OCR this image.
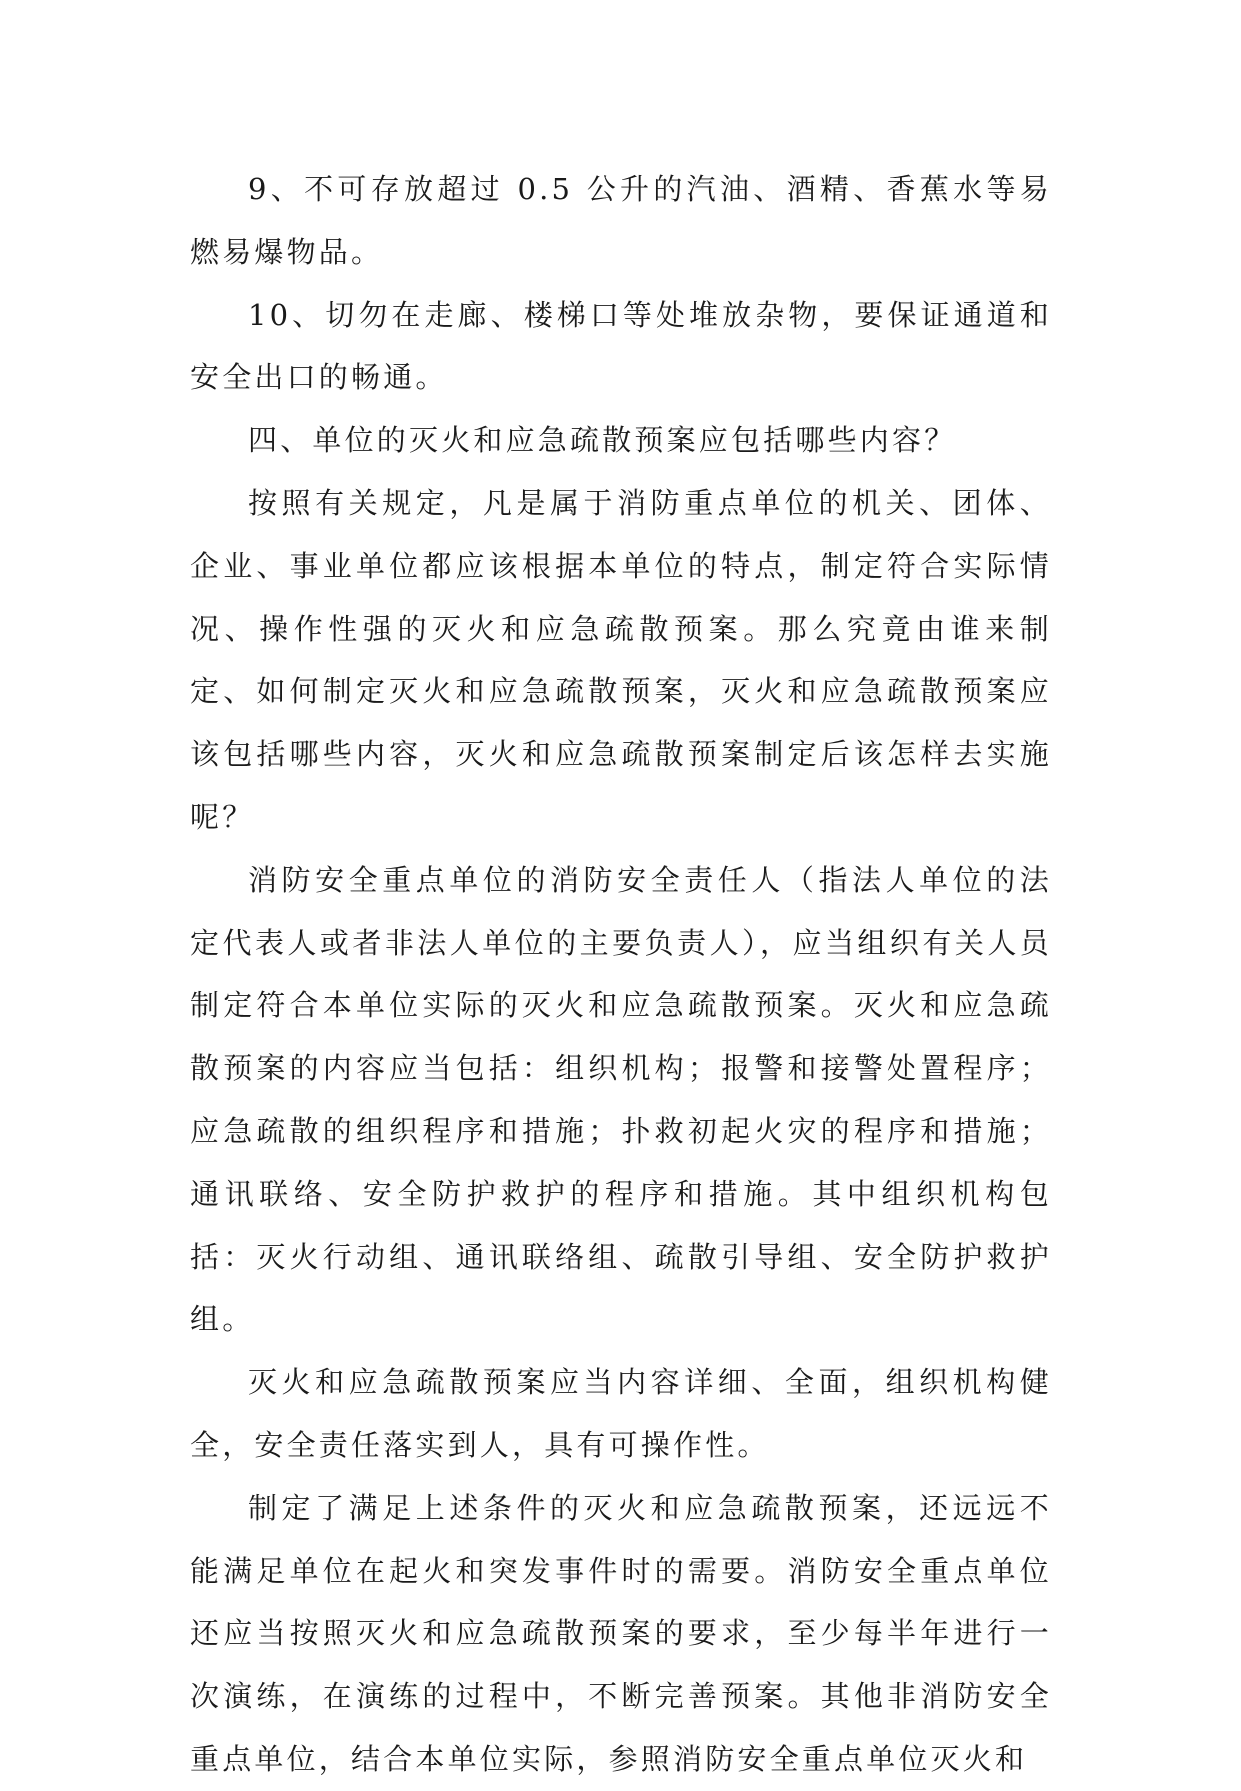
9、不可存放超过 0.5 公升的汽油、酒精、香蕉水等易燃易爆物品。

10、切勿在走廊、楼梯口等处堆放杂物，要保证通道和安全出口的畅通。

四、单位的灭火和应急疏散预案应包括哪些内容？

按照有关规定，凡是属于消防重点单位的机关、团体、企业、事业单位都应该根据本单位的特点，制定符合实际情况、操作性强的灭火和应急疏散预案。那么究竟由谁来制定、如何制定灭火和应急疏散预案，灭火和应急疏散预案应该包括哪些内容，灭火和应急疏散预案制定后该怎样去实施呢？

消防安全重点单位的消防安全责任人（指法人单位的法定代表人或者非法人单位的主要负责人），应当组织有关人员制定符合本单位实际的灭火和应急疏散预案。灭火和应急疏散预案的内容应当包括：组织机构；报警和接警处置程序；应急疏散的组织程序和措施；扑救初起火灾的程序和措施；通讯联络、安全防护救护的程序和措施。其中组织机构包括：灭火行动组、通讯联络组、疏散引导组、安全防护救护组。

灭火和应急疏散预案应当内容详细、全面，组织机构健全，安全责任落实到人，具有可操作性。

制定了满足上述条件的灭火和应急疏散预案，还远远不能满足单位在起火和突发事件时的需要。消防安全重点单位还应当按照灭火和应急疏散预案的要求，至少每半年进行一次演练，在演练的过程中，不断完善预案。其他非消防安全重点单位，结合本单位实际，参照消防安全重点单位灭火和
